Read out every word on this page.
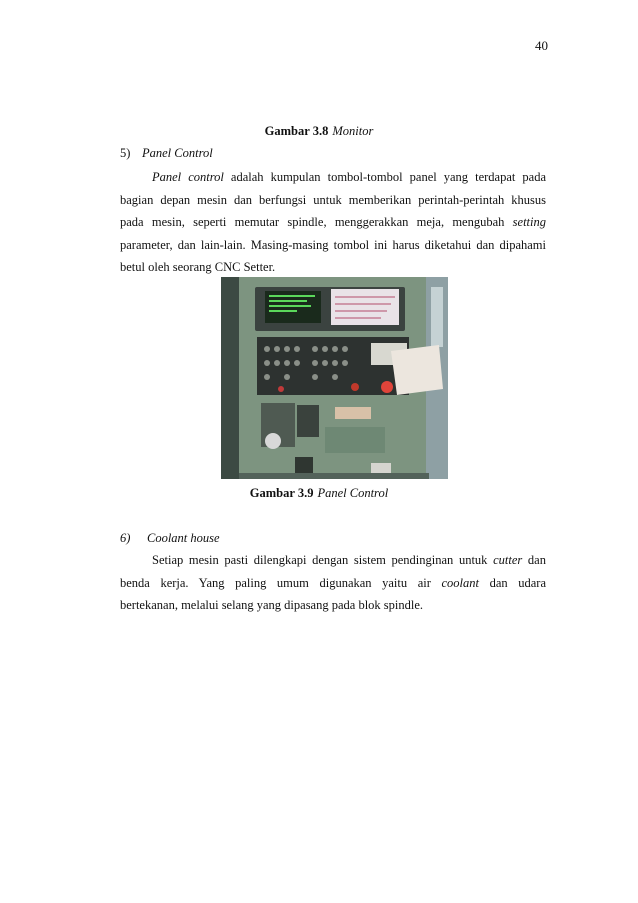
40
Gambar 3.8 Monitor
5) Panel Control
Panel control adalah kumpulan tombol-tombol panel yang terdapat pada
bagian depan mesin dan berfungsi untuk memberikan perintah-perintah khusus
pada mesin, seperti memutar spindle, menggerakkan meja, mengubah setting
parameter, dan lain-lain. Masing-masing tombol ini harus diketahui dan dipahami
betul oleh seorang CNC Setter.
Gambar 3.9 Panel Control
6) Coolant house
Setiap mesin pasti dilengkapi dengan sistem pendinginan untuk cutter dan
benda kerja. Yang paling umum digunakan yaitu air coolant dan udara
bertekanan, melalui selang yang dipasang pada blok spindle.
